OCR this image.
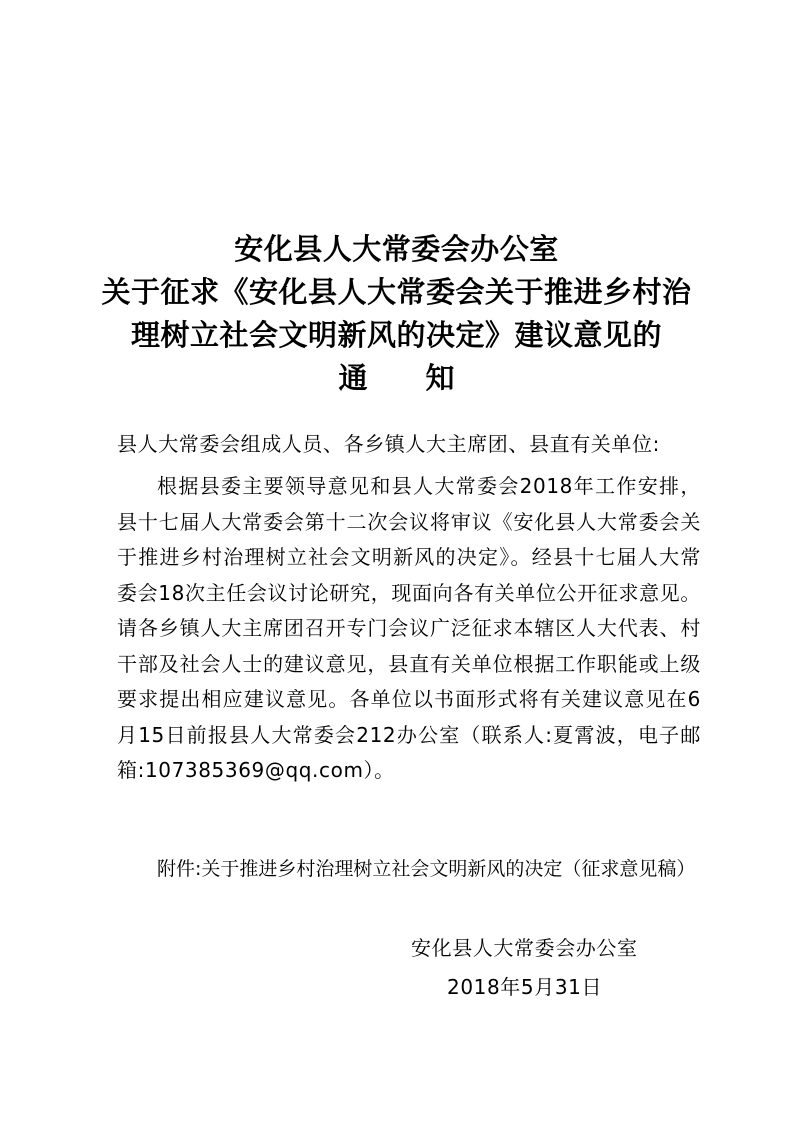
安化县人大常委会办公室
关于征求《安化县人大常委会关于推进乡村治
理树立社会文明新风的决定》建议意见的
通 知
县人大常委会组成人员、各乡镇人大主席团、县直有关单位:
根据县委主要领导意见和县人大常委会2018年工作安排，县十七届人大常委会第十二次会议将审议《安化县人大常委会关于推进乡村治理树立社会文明新风的决定》。经县十七届人大常委会18次主任会议讨论研究，现面向各有关单位公开征求意见。请各乡镇人大主席团召开专门会议广泛征求本辖区人大代表、村干部及社会人士的建议意见，县直有关单位根据工作职能或上级要求提出相应建议意见。各单位以书面形式将有关建议意见在6月15日前报县人大常委会212办公室（联系人:夏霄波，电子邮箱:107385369@qq.com）。
附件:关于推进乡村治理树立社会文明新风的决定（征求意见稿）
安化县人大常委会办公室
2018年5月31日
